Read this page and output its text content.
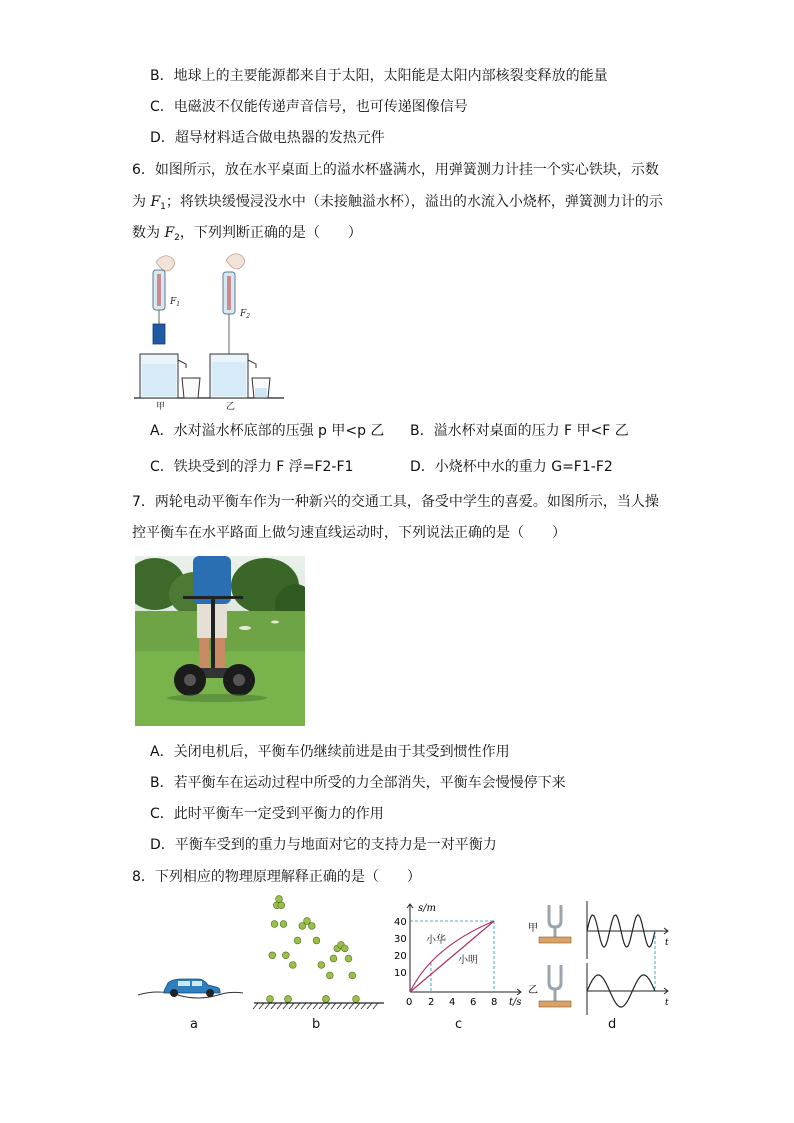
B．地球上的主要能源都来自于太阳，太阳能是太阳内部核裂变释放的能量
C．电磁波不仅能传递声音信号，也可传递图像信号
D．超导材料适合做电热器的发热元件
6．如图所示，放在水平桌面上的溢水杯盛满水，用弹簧测力计挂一个实心铁块，示数
为 $F_1$；将铁块缓慢浸没水中（未接触溢水杯），溢出的水流入小烧杯，弹簧测力计的示
数为 $F_2$，下列判断正确的是（　　）
$F_1$
$F_2$
甲	乙
A．水对溢水杯底部的压强 p 甲<p 乙 B．溢水杯对桌面的压力 F 甲<F 乙
C．铁块受到的浮力 F 浮=F2-F1	D．小烧杯中水的重力 G=F1-F2
7．两轮电动平衡车作为一种新兴的交通工具，备受中学生的喜爱。如图所示，当人操
控平衡车在水平路面上做匀速直线运动时，下列说法正确的是（　　）
A．关闭电机后，平衡车仍继续前进是由于其受到惯性作用
B．若平衡车在运动过程中所受的力全部消失，平衡车会慢慢停下来
C．此时平衡车一定受到平衡力的作用
D．平衡车受到的重力与地面对它的支持力是一对平衡力
8．下列相应的物理原理解释正确的是（　　）
a	b
s/m
t/s
40
30
20
10
0 2 4 6 8
小华
小明
c
甲
乙
t
t
d
